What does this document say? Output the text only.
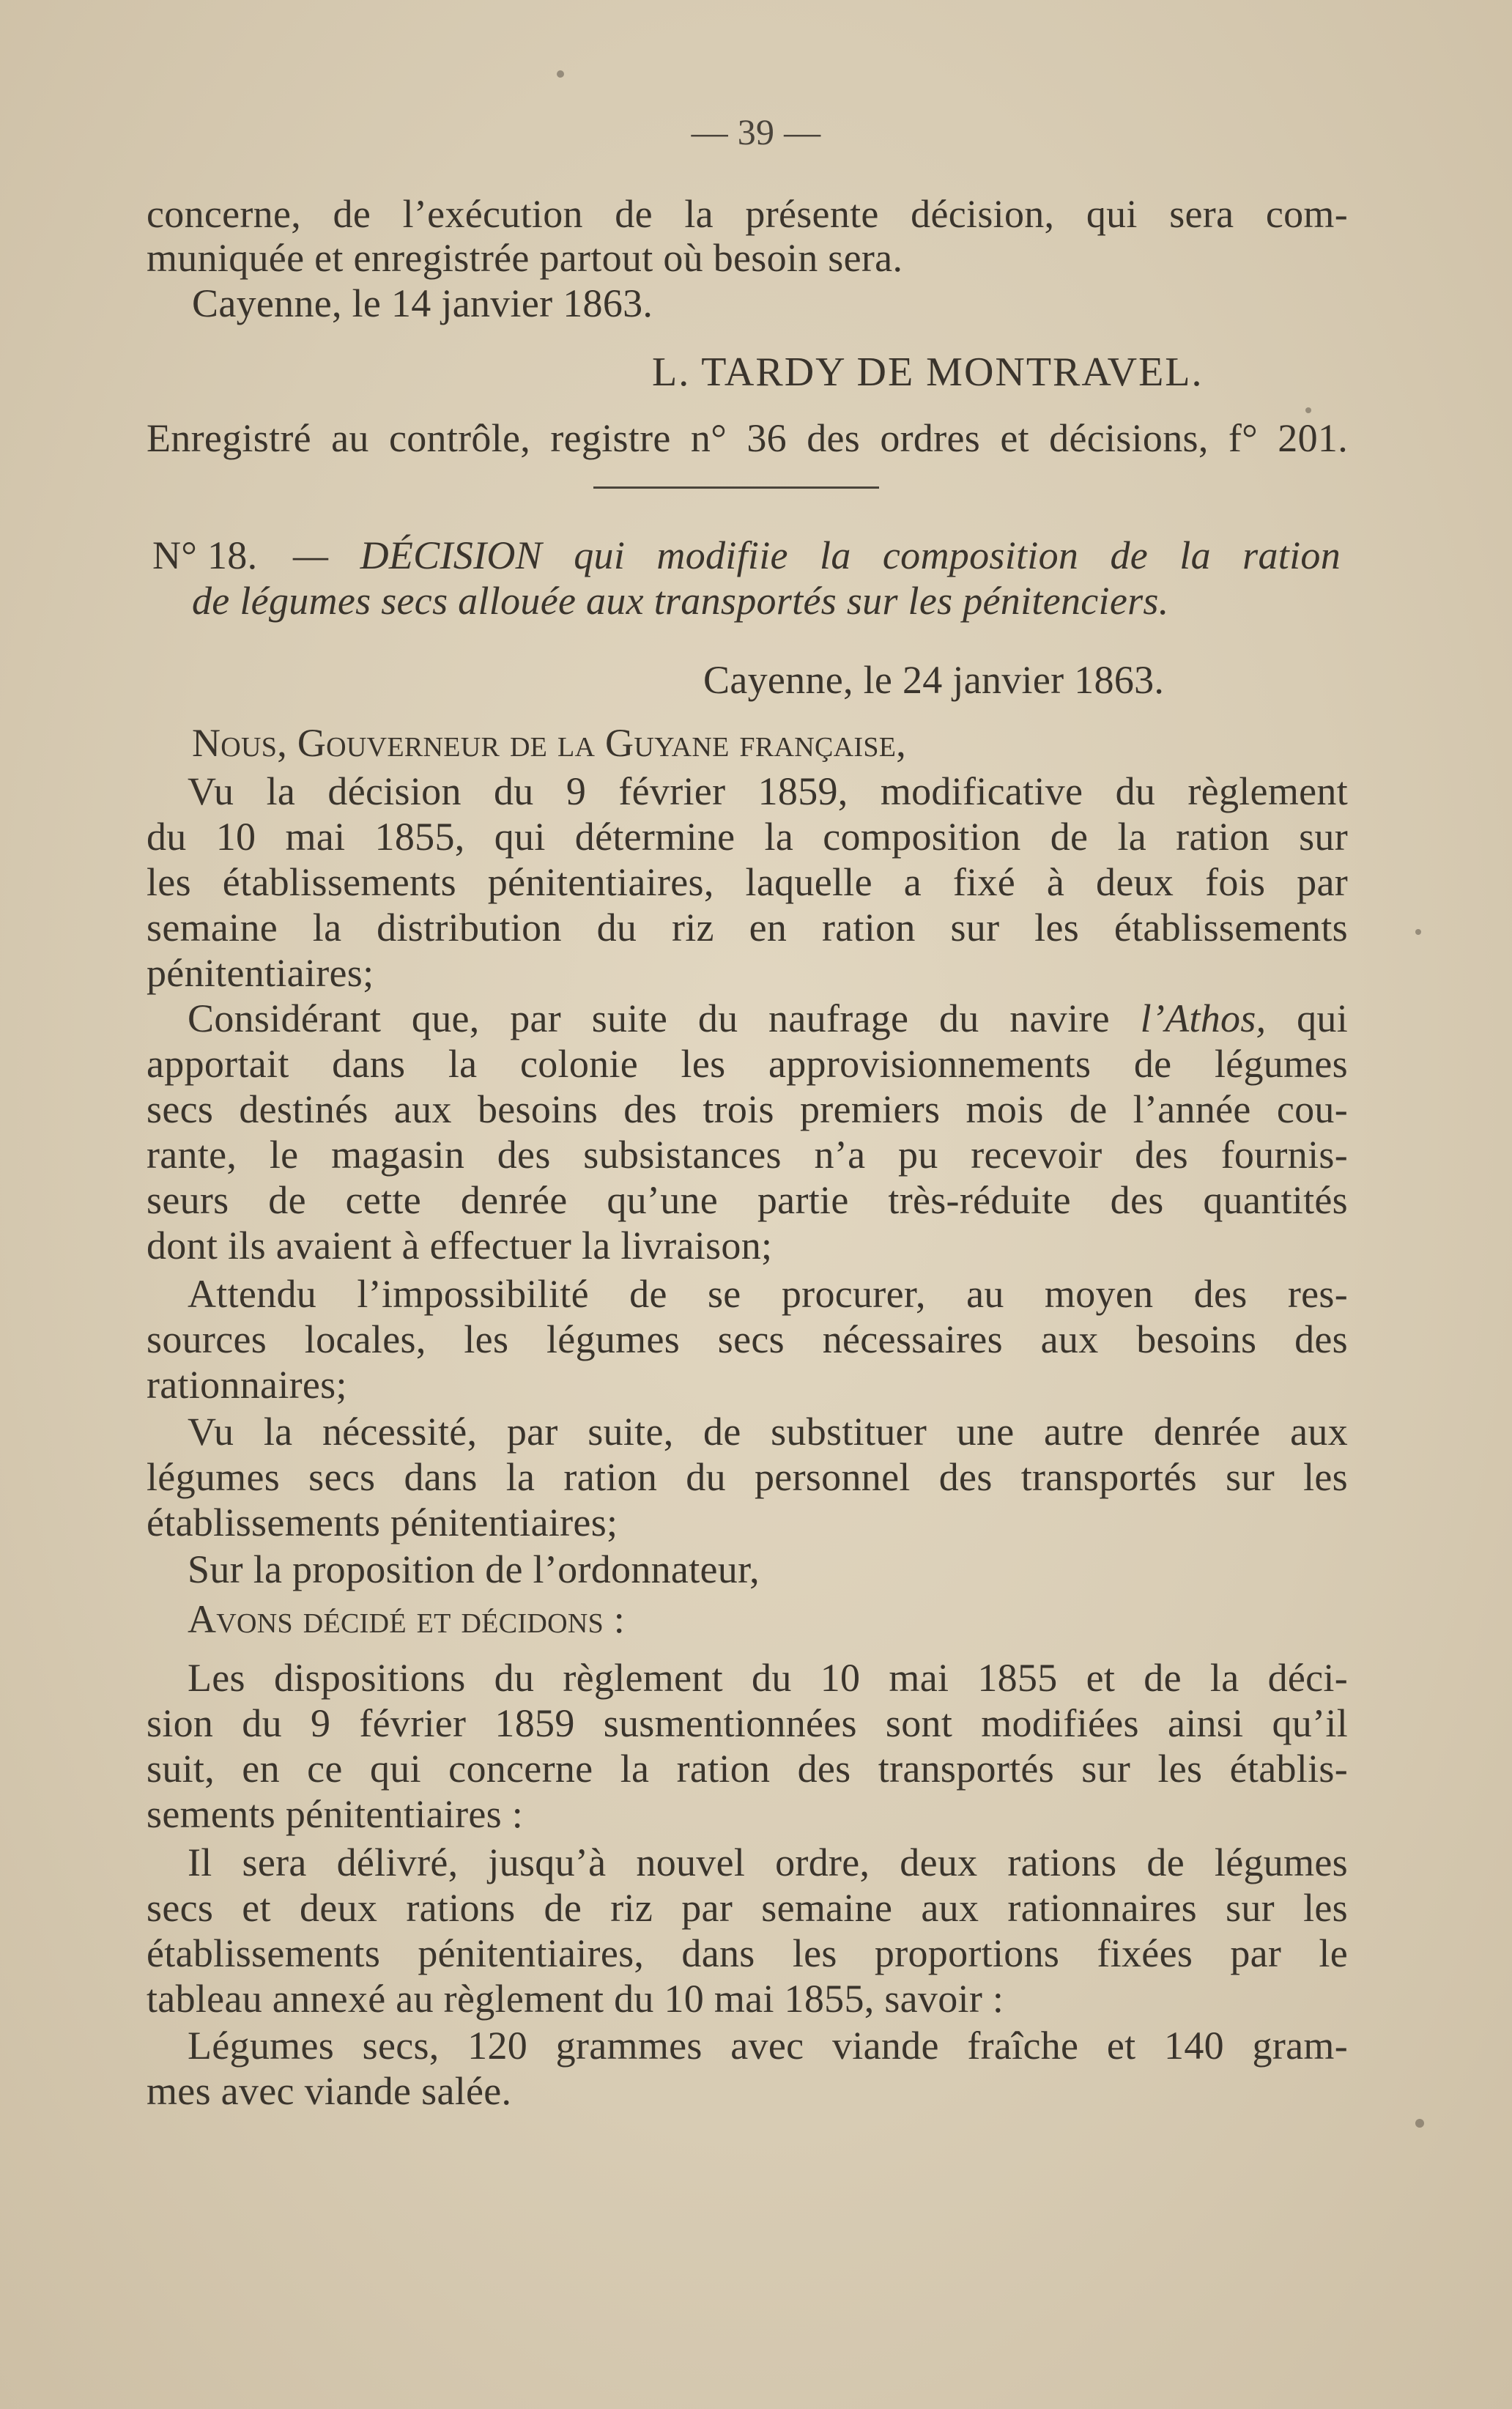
— 39 —
concerne, de l’exécution de la présente décision, qui sera com-
muniquée et enregistrée partout où besoin sera.
Cayenne, le 14 janvier 1863.
L. TARDY DE MONTRAVEL.
Enregistré au contrôle, registre n° 36 des ordres et décisions, f° 201.
N° 18. — DÉCISION qui modifiie la composition de la ration
de légumes secs allouée aux transportés sur les pénitenciers.
Cayenne, le 24 janvier 1863.
Nous, Gouverneur de la Guyane française,
Vu la décision du 9 février 1859, modificative du règlement
du 10 mai 1855, qui détermine la composition de la ration sur
les établissements pénitentiaires, laquelle a fixé à deux fois par
semaine la distribution du riz en ration sur les établissements
pénitentiaires;
Considérant que, par suite du naufrage du navire l’Athos, qui
apportait dans la colonie les approvisionnements de légumes
secs destinés aux besoins des trois premiers mois de l’année cou-
rante, le magasin des subsistances n’a pu recevoir des fournis-
seurs de cette denrée qu’une partie très-réduite des quantités
dont ils avaient à effectuer la livraison;
Attendu l’impossibilité de se procurer, au moyen des res-
sources locales, les légumes secs nécessaires aux besoins des
rationnaires;
Vu la nécessité, par suite, de substituer une autre denrée aux
légumes secs dans la ration du personnel des transportés sur les
établissements pénitentiaires;
Sur la proposition de l’ordonnateur,
Avons décidé et décidons :
Les dispositions du règlement du 10 mai 1855 et de la déci-
sion du 9 février 1859 susmentionnées sont modifiées ainsi qu’il
suit, en ce qui concerne la ration des transportés sur les établis-
sements pénitentiaires :
Il sera délivré, jusqu’à nouvel ordre, deux rations de légumes
secs et deux rations de riz par semaine aux rationnaires sur les
établissements pénitentiaires, dans les proportions fixées par le
tableau annexé au règlement du 10 mai 1855, savoir :
Légumes secs, 120 grammes avec viande fraîche et 140 gram-
mes avec viande salée.
